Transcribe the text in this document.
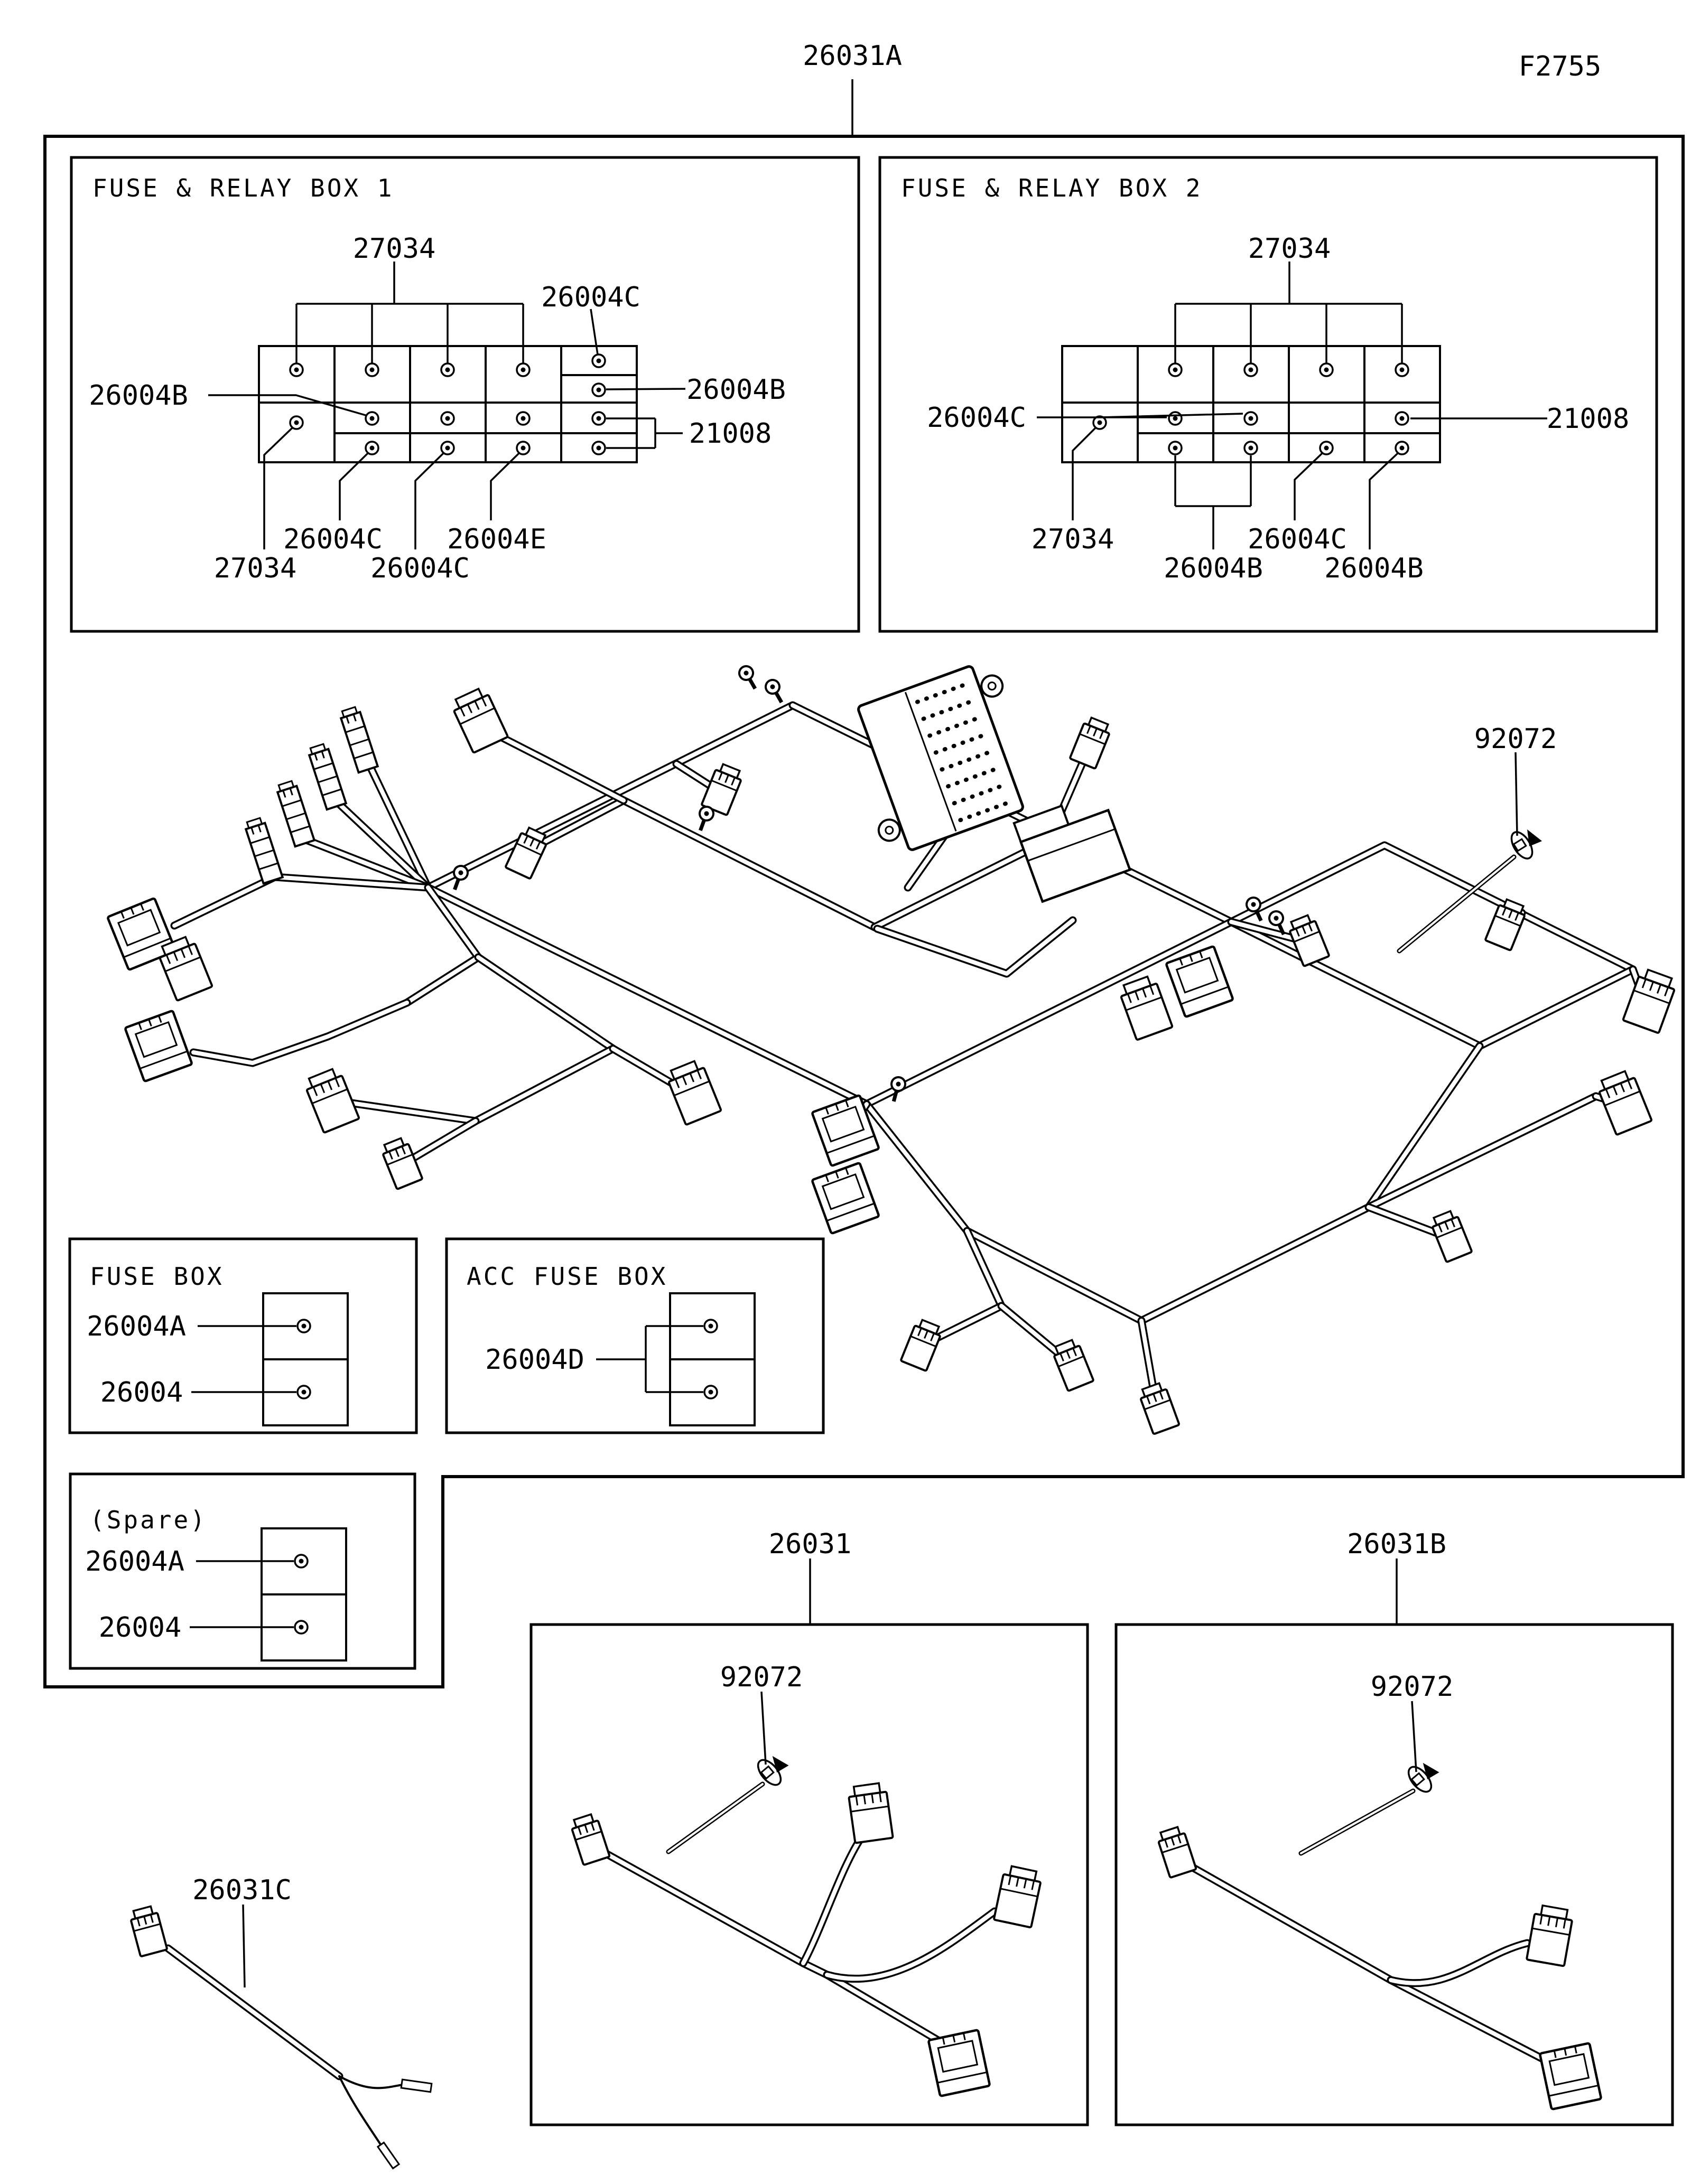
26031A	F2755
FUSE & RELAY BOX 1
27034
26004C
26004B
21008
26004B
26004C 26004E
27034	26004C
FUSE & RELAY BOX 2
27034
26004C	21008
27034
26004B
26004C
26004B
92072
FUSE BOX
26004A
26004
ACC FUSE BOX
26004D
(Spare)
26004A
26004
26031
92072
26031B
92072
26031C
